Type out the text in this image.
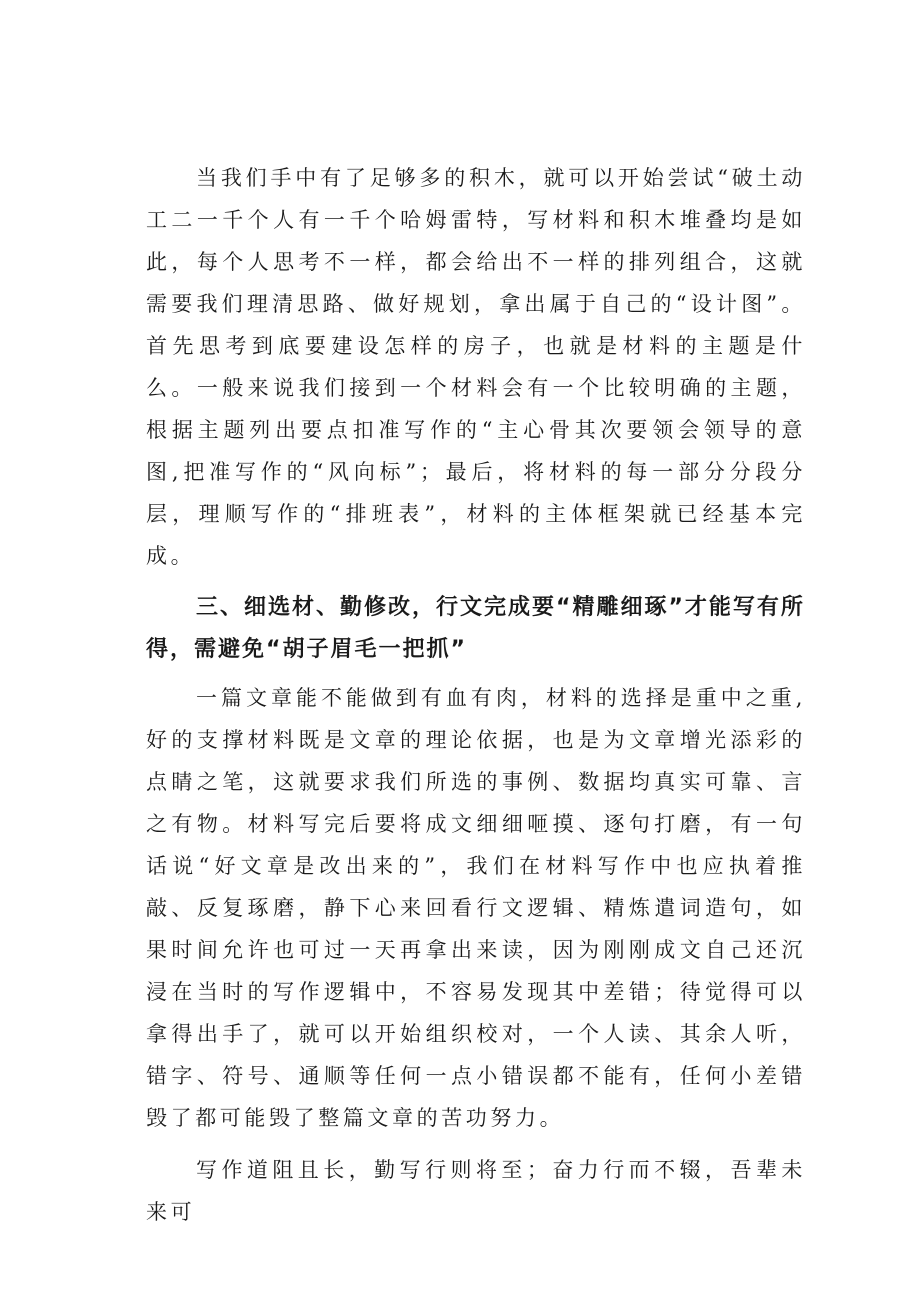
当我们手中有了足够多的积木，就可以开始尝试“破土动工二一千个人有一千个哈姆雷特，写材料和积木堆叠均是如此，每个人思考不一样，都会给出不一样的排列组合，这就需要我们理清思路、做好规划，拿出属于自己的“设计图”。首先思考到底要建设怎样的房子，也就是材料的主题是什么。一般来说我们接到一个材料会有一个比较明确的主题，根据主题列出要点扣准写作的“主心骨其次要领会领导的意图,把准写作的“风向标”；最后，将材料的每一部分分段分层，理顺写作的“排班表”，材料的主体框架就已经基本完成。

三、细选材、勤修改，行文完成要“精雕细琢”才能写有所得，需避免“胡子眉毛一把抓”

一篇文章能不能做到有血有肉，材料的选择是重中之重,好的支撑材料既是文章的理论依据，也是为文章增光添彩的点睛之笔，这就要求我们所选的事例、数据均真实可靠、言之有物。材料写完后要将成文细细咂摸、逐句打磨，有一句话说“好文章是改出来的”，我们在材料写作中也应执着推敲、反复琢磨，静下心来回看行文逻辑、精炼遣词造句，如果时间允许也可过一天再拿出来读，因为刚刚成文自己还沉浸在当时的写作逻辑中，不容易发现其中差错；待觉得可以拿得出手了，就可以开始组织校对，一个人读、其余人听，错字、符号、通顺等任何一点小错误都不能有，任何小差错毁了都可能毁了整篇文章的苦功努力。

写作道阻且长，勤写行则将至；奋力行而不辍，吾辈未来可
